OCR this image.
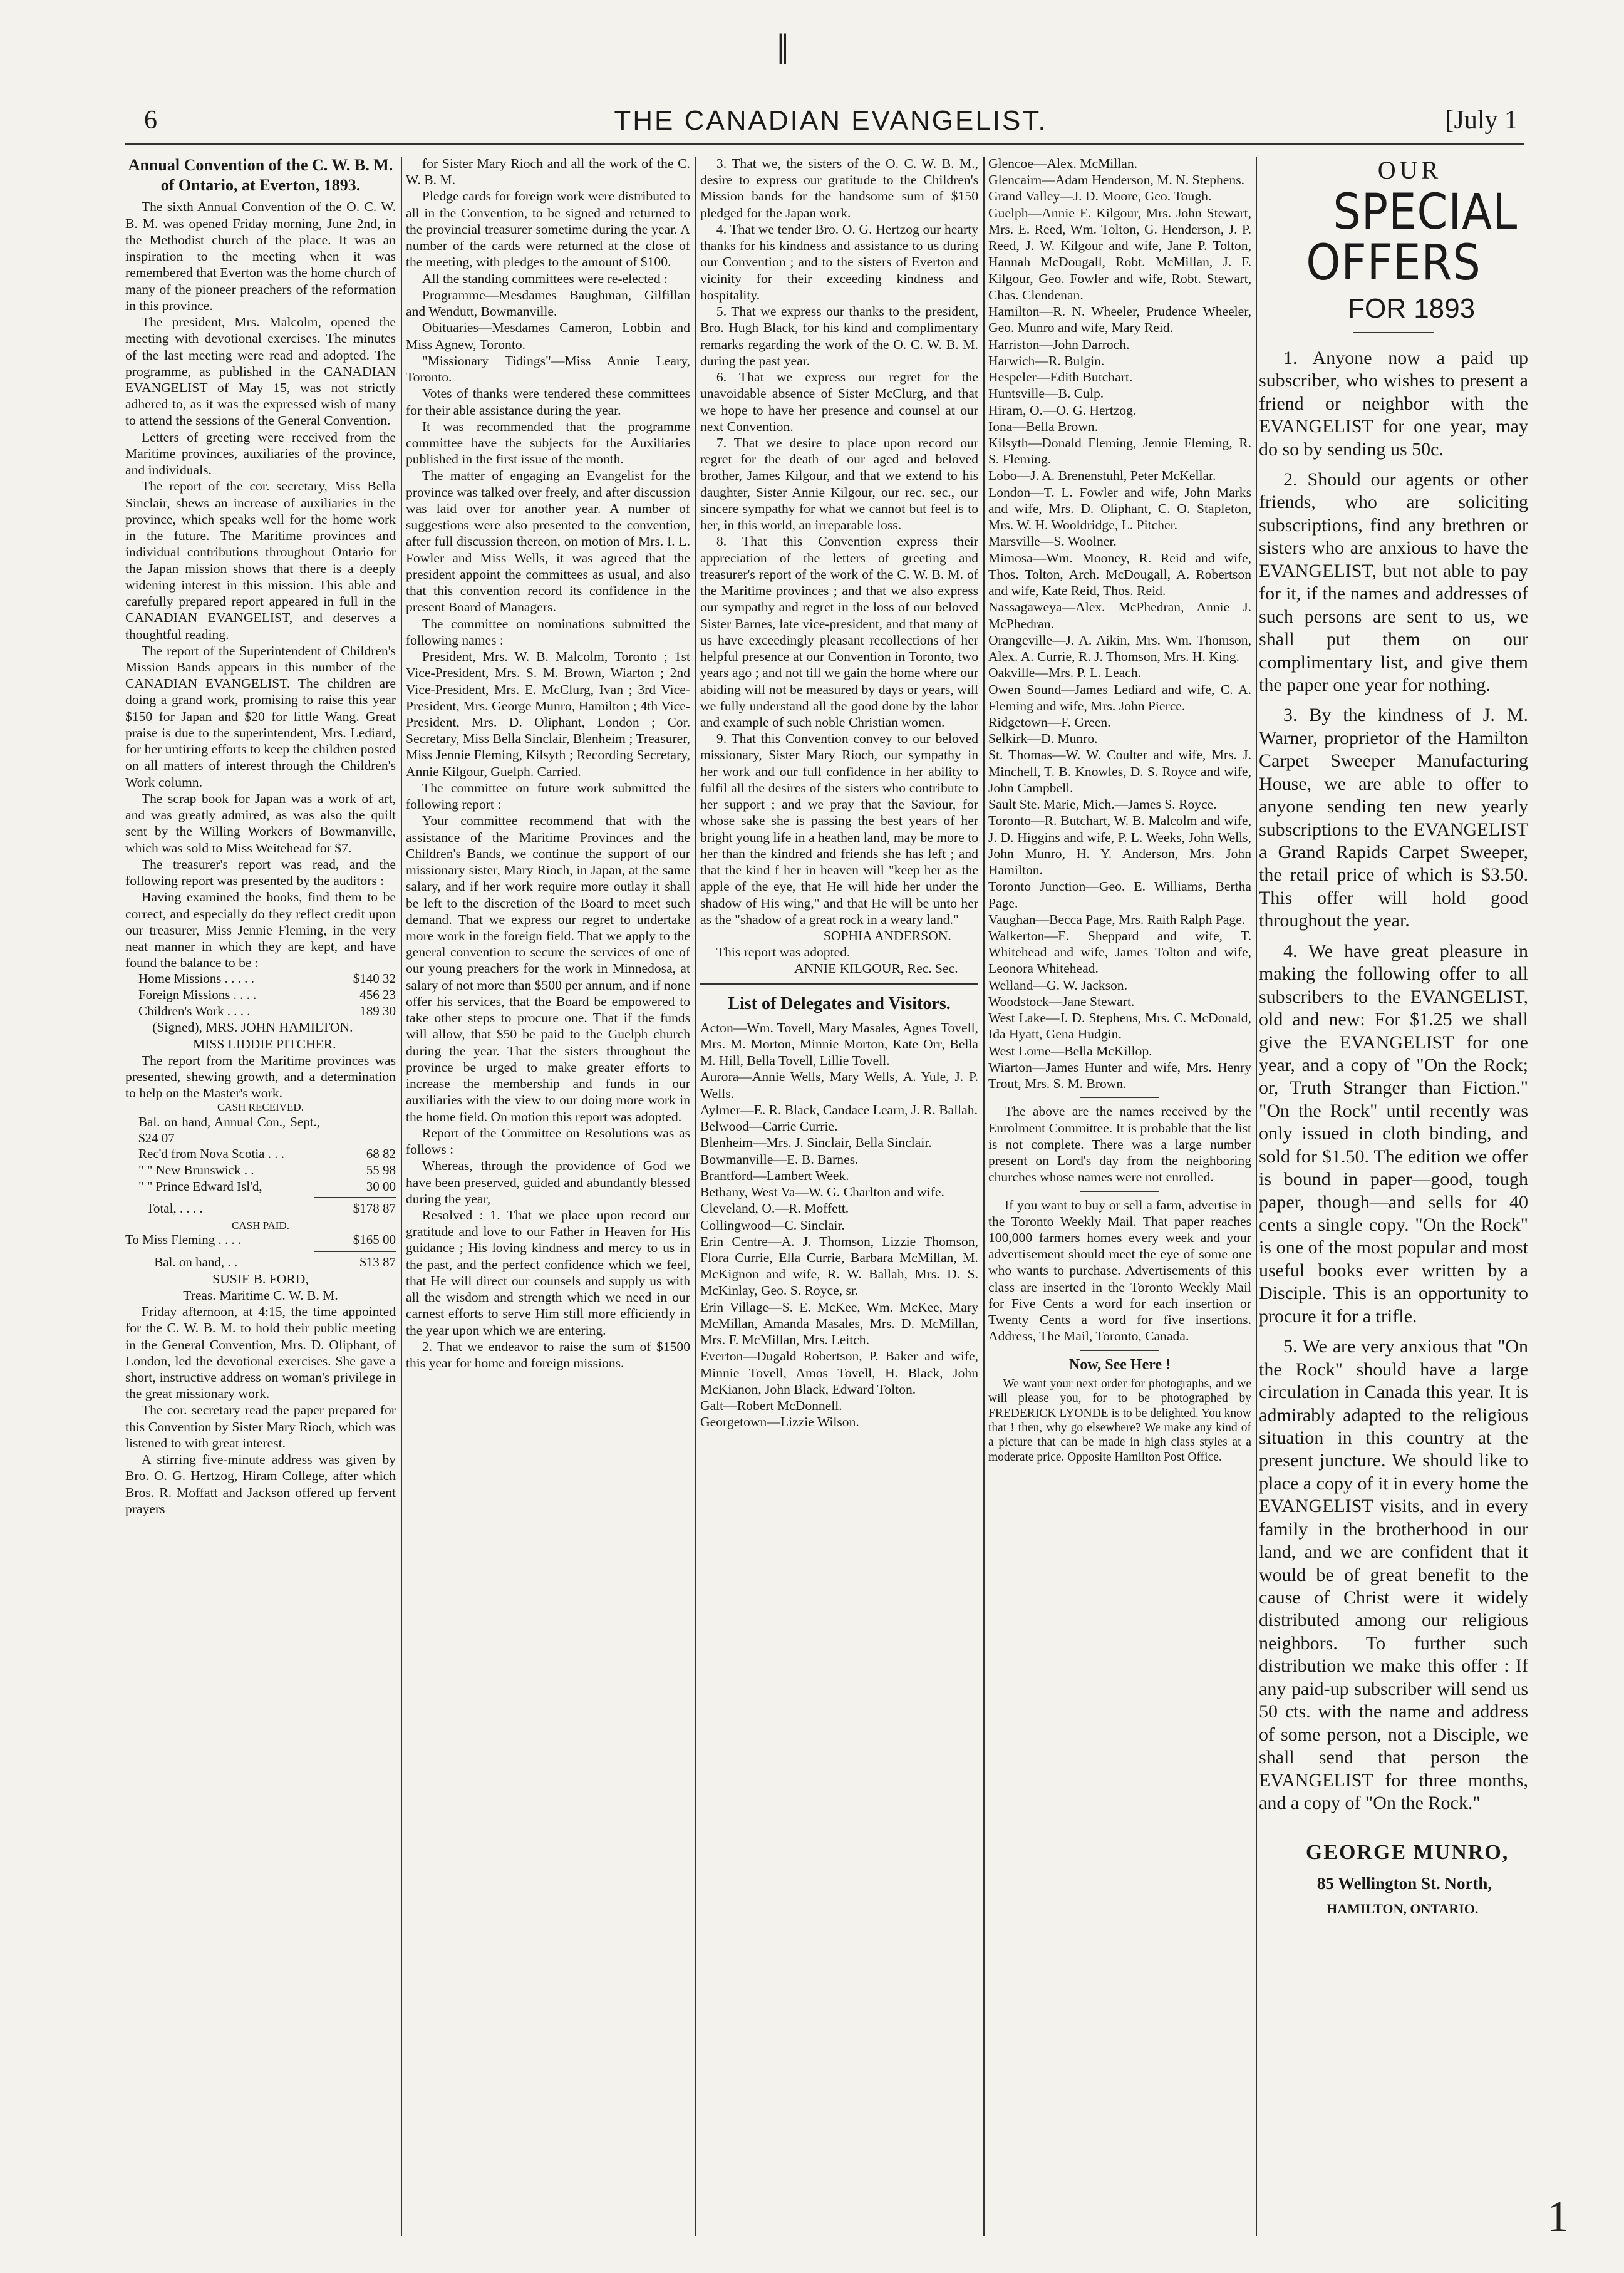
ǁ
1
6	THE CANADIAN EVANGELIST.	[July 1
Annual Convention of the C. W. B. M. of Ontario, at Everton, 1893.

The sixth Annual Convention of the O. C. W. B. M. was opened Friday morning, June 2nd, in the Methodist church of the place. It was an inspiration to the meeting when it was remembered that Everton was the home church of many of the pioneer preachers of the reformation in this province.

The president, Mrs. Malcolm, opened the meeting with devotional exercises. The minutes of the last meeting were read and adopted. The programme, as published in the CANADIAN EVANGELIST of May 15, was not strictly adhered to, as it was the expressed wish of many to attend the sessions of the General Convention.

Letters of greeting were received from the Maritime provinces, auxiliaries of the province, and individuals.

The report of the cor. secretary, Miss Bella Sinclair, shews an increase of auxiliaries in the province, which speaks well for the home work in the future. The Maritime provinces and individual contributions throughout Ontario for the Japan mission shows that there is a deeply widening interest in this mission. This able and carefully prepared report appeared in full in the CANADIAN EVANGELIST, and deserves a thoughtful reading.

The report of the Superintendent of Children's Mission Bands appears in this number of the CANADIAN EVANGELIST. The children are doing a grand work, promising to raise this year $150 for Japan and $20 for little Wang. Great praise is due to the superintendent, Mrs. Lediard, for her untiring efforts to keep the children posted on all matters of interest through the Children's Work column.

The scrap book for Japan was a work of art, and was greatly admired, as was also the quilt sent by the Willing Workers of Bowmanville, which was sold to Miss Weitehead for $7.

The treasurer's report was read, and the following report was presented by the auditors :

Having examined the books, find them to be correct, and especially do they reflect credit upon our treasurer, Miss Jennie Fleming, in the very neat manner in which they are kept, and have found the balance to be :

Home Missions . . . . .	$140 32
Foreign Missions . . . .	456 23
Children's Work . . . .	189 30

(Signed), MRS. JOHN HAMILTON.

MISS LIDDIE PITCHER.

The report from the Maritime provinces was presented, shewing growth, and a determination to help on the Master's work.

CASH RECEIVED.

Bal. on hand, Annual Con., Sept., $24 07	
Rec'd from Nova Scotia . . .	68 82
" " New Brunswick . .	55 98
" " Prince Edward Isl'd,	30 00
Total, . . . .	$178 87

CASH PAID.

To Miss Fleming . . . .	$165 00
Bal. on hand, . .	$13 87

SUSIE B. FORD,

Treas. Maritime C. W. B. M.

Friday afternoon, at 4:15, the time appointed for the C. W. B. M. to hold their public meeting in the General Convention, Mrs. D. Oliphant, of London, led the devotional exercises. She gave a short, instructive address on woman's privilege in the great missionary work.

The cor. secretary read the paper prepared for this Convention by Sister Mary Rioch, which was listened to with great interest.

A stirring five-minute address was given by Bro. O. G. Hertzog, Hiram College, after which Bros. R. Moffatt and Jackson offered up fervent prayers

for Sister Mary Rioch and all the work of the C. W. B. M.

Pledge cards for foreign work were distributed to all in the Convention, to be signed and returned to the provincial treasurer sometime during the year. A number of the cards were returned at the close of the meeting, with pledges to the amount of $100.

All the standing committees were re-elected :

Programme—Mesdames Baughman, Gilfillan and Wendutt, Bowmanville.

Obituaries—Mesdames Cameron, Lobbin and Miss Agnew, Toronto.

"Missionary Tidings"—Miss Annie Leary, Toronto.

Votes of thanks were tendered these committees for their able assistance during the year.

It was recommended that the programme committee have the subjects for the Auxiliaries published in the first issue of the month.

The matter of engaging an Evangelist for the province was talked over freely, and after discussion was laid over for another year. A number of suggestions were also presented to the convention, after full discussion thereon, on motion of Mrs. I. L. Fowler and Miss Wells, it was agreed that the president appoint the committees as usual, and also that this convention record its confidence in the present Board of Managers.

The committee on nominations submitted the following names :

President, Mrs. W. B. Malcolm, Toronto ; 1st Vice-President, Mrs. S. M. Brown, Wiarton ; 2nd Vice-President, Mrs. E. McClurg, Ivan ; 3rd Vice-President, Mrs. George Munro, Hamilton ; 4th Vice-President, Mrs. D. Oliphant, London ; Cor. Secretary, Miss Bella Sinclair, Blenheim ; Treasurer, Miss Jennie Fleming, Kilsyth ; Recording Secretary, Annie Kilgour, Guelph. Carried.

The committee on future work submitted the following report :

Your committee recommend that with the assistance of the Maritime Provinces and the Children's Bands, we continue the support of our missionary sister, Mary Rioch, in Japan, at the same salary, and if her work require more outlay it shall be left to the discretion of the Board to meet such demand. That we express our regret to undertake more work in the foreign field. That we apply to the general convention to secure the services of one of our young preachers for the work in Minnedosa, at salary of not more than $500 per annum, and if none offer his services, that the Board be empowered to take other steps to procure one. That if the funds will allow, that $50 be paid to the Guelph church during the year. That the sisters throughout the province be urged to make greater efforts to increase the membership and funds in our auxiliaries with the view to our doing more work in the home field. On motion this report was adopted.

Report of the Committee on Resolutions was as follows :

Whereas, through the providence of God we have been preserved, guided and abundantly blessed during the year,

Resolved : 1. That we place upon record our gratitude and love to our Father in Heaven for His guidance ; His loving kindness and mercy to us in the past, and the perfect confidence which we feel, that He will direct our counsels and supply us with all the wisdom and strength which we need in our carnest efforts to serve Him still more efficiently in the year upon which we are entering.

2. That we endeavor to raise the sum of $1500 this year for home and foreign missions.

3. That we, the sisters of the O. C. W. B. M., desire to express our gratitude to the Children's Mission bands for the handsome sum of $150 pledged for the Japan work.

4. That we tender Bro. O. G. Hertzog our hearty thanks for his kindness and assistance to us during our Convention ; and to the sisters of Everton and vicinity for their exceeding kindness and hospitality.

5. That we express our thanks to the president, Bro. Hugh Black, for his kind and complimentary remarks regarding the work of the O. C. W. B. M. during the past year.

6. That we express our regret for the unavoidable absence of Sister McClurg, and that we hope to have her presence and counsel at our next Convention.

7. That we desire to place upon record our regret for the death of our aged and beloved brother, James Kilgour, and that we extend to his daughter, Sister Annie Kilgour, our rec. sec., our sincere sympathy for what we cannot but feel is to her, in this world, an irreparable loss.

8. That this Convention express their appreciation of the letters of greeting and treasurer's report of the work of the C. W. B. M. of the Maritime provinces ; and that we also express our sympathy and regret in the loss of our beloved Sister Barnes, late vice-president, and that many of us have exceedingly pleasant recollections of her helpful presence at our Convention in Toronto, two years ago ; and not till we gain the home where our abiding will not be measured by days or years, will we fully understand all the good done by the labor and example of such noble Christian women.

9. That this Convention convey to our beloved missionary, Sister Mary Rioch, our sympathy in her work and our full confidence in her ability to fulfil all the desires of the sisters who contribute to her support ; and we pray that the Saviour, for whose sake she is passing the best years of her bright young life in a heathen land, may be more to her than the kindred and friends she has left ; and that the kind f her in heaven will "keep her as the apple of the eye, that He will hide her under the shadow of His wing," and that He will be unto her as the "shadow of a great rock in a weary land."

SOPHIA ANDERSON.

This report was adopted.

ANNIE KILGOUR, Rec. Sec.

List of Delegates and Visitors.

Acton—Wm. Tovell, Mary Masales, Agnes Tovell, Mrs. M. Morton, Minnie Morton, Kate Orr, Bella M. Hill, Bella Tovell, Lillie Tovell.

Aurora—Annie Wells, Mary Wells, A. Yule, J. P. Wells.

Aylmer—E. R. Black, Candace Learn, J. R. Ballah.

Belwood—Carrie Currie.

Blenheim—Mrs. J. Sinclair, Bella Sinclair.

Bowmanville—E. B. Barnes.

Brantford—Lambert Week.

Bethany, West Va—W. G. Charlton and wife.

Cleveland, O.—R. Moffett.

Collingwood—C. Sinclair.

Erin Centre—A. J. Thomson, Lizzie Thomson, Flora Currie, Ella Currie, Barbara McMillan, M. McKignon and wife, R. W. Ballah, Mrs. D. S. McKinlay, Geo. S. Royce, sr.

Erin Village—S. E. McKee, Wm. McKee, Mary McMillan, Amanda Masales, Mrs. D. McMillan, Mrs. F. McMillan, Mrs. Leitch.

Everton—Dugald Robertson, P. Baker and wife, Minnie Tovell, Amos Tovell, H. Black, John McKianon, John Black, Edward Tolton.

Galt—Robert McDonnell.

Georgetown—Lizzie Wilson.

Glencoe—Alex. McMillan.

Glencairn—Adam Henderson, M. N. Stephens.

Grand Valley—J. D. Moore, Geo. Tough.

Guelph—Annie E. Kilgour, Mrs. John Stewart, Mrs. E. Reed, Wm. Tolton, G. Henderson, J. P. Reed, J. W. Kilgour and wife, Jane P. Tolton, Hannah McDougall, Robt. McMillan, J. F. Kilgour, Geo. Fowler and wife, Robt. Stewart, Chas. Clendenan.

Hamilton—R. N. Wheeler, Prudence Wheeler, Geo. Munro and wife, Mary Reid.

Harriston—John Darroch.

Harwich—R. Bulgin.

Hespeler—Edith Butchart.

Huntsville—B. Culp.

Hiram, O.—O. G. Hertzog.

Iona—Bella Brown.

Kilsyth—Donald Fleming, Jennie Fleming, R. S. Fleming.

Lobo—J. A. Brenenstuhl, Peter McKellar.

London—T. L. Fowler and wife, John Marks and wife, Mrs. D. Oliphant, C. O. Stapleton, Mrs. W. H. Wooldridge, L. Pitcher.

Marsville—S. Woolner.

Mimosa—Wm. Mooney, R. Reid and wife, Thos. Tolton, Arch. McDougall, A. Robertson and wife, Kate Reid, Thos. Reid.

Nassagaweya—Alex. McPhedran, Annie J. McPhedran.

Orangeville—J. A. Aikin, Mrs. Wm. Thomson, Alex. A. Currie, R. J. Thomson, Mrs. H. King.

Oakville—Mrs. P. L. Leach.

Owen Sound—James Lediard and wife, C. A. Fleming and wife, Mrs. John Pierce.

Ridgetown—F. Green.

Selkirk—D. Munro.

St. Thomas—W. W. Coulter and wife, Mrs. J. Minchell, T. B. Knowles, D. S. Royce and wife, John Campbell.

Sault Ste. Marie, Mich.—James S. Royce.

Toronto—R. Butchart, W. B. Malcolm and wife, J. D. Higgins and wife, P. L. Weeks, John Wells, John Munro, H. Y. Anderson, Mrs. John Hamilton.

Toronto Junction—Geo. E. Williams, Bertha Page.

Vaughan—Becca Page, Mrs. Raith Ralph Page.

Walkerton—E. Sheppard and wife, T. Whitehead and wife, James Tolton and wife, Leonora Whitehead.

Welland—G. W. Jackson.

Woodstock—Jane Stewart.

West Lake—J. D. Stephens, Mrs. C. McDonald, Ida Hyatt, Gena Hudgin.

West Lorne—Bella McKillop.

Wiarton—James Hunter and wife, Mrs. Henry Trout, Mrs. S. M. Brown.

The above are the names received by the Enrolment Committee. It is probable that the list is not complete. There was a large number present on Lord's day from the neighboring churches whose names were not enrolled.

If you want to buy or sell a farm, advertise in the Toronto Weekly Mail. That paper reaches 100,000 farmers homes every week and your advertisement should meet the eye of some one who wants to purchase. Advertisements of this class are inserted in the Toronto Weekly Mail for Five Cents a word for each insertion or Twenty Cents a word for five insertions. Address, The Mail, Toronto, Canada.

Now, See Here !

We want your next order for photographs, and we will please you, for to be photographed by FREDERICK LYONDE is to be delighted. You know that ! then, why go elsewhere? We make any kind of a picture that can be made in high class styles at a moderate price. Opposite Hamilton Post Office.

OUR

SPECIAL OFFERS

FOR 1893

1. Anyone now a paid up subscriber, who wishes to present a friend or neighbor with the EVANGELIST for one year, may do so by sending us 50c.

2. Should our agents or other friends, who are soliciting subscriptions, find any brethren or sisters who are anxious to have the EVANGELIST, but not able to pay for it, if the names and addresses of such persons are sent to us, we shall put them on our complimentary list, and give them the paper one year for nothing.

3. By the kindness of J. M. Warner, proprietor of the Hamilton Carpet Sweeper Manufacturing House, we are able to offer to anyone sending ten new yearly subscriptions to the EVANGELIST a Grand Rapids Carpet Sweeper, the retail price of which is $3.50. This offer will hold good throughout the year.

4. We have great pleasure in making the following offer to all subscribers to the EVANGELIST, old and new: For $1.25 we shall give the EVANGELIST for one year, and a copy of "On the Rock; or, Truth Stranger than Fiction." "On the Rock" until recently was only issued in cloth binding, and sold for $1.50. The edition we offer is bound in paper—good, tough paper, though—and sells for 40 cents a single copy. "On the Rock" is one of the most popular and most useful books ever written by a Disciple. This is an opportunity to procure it for a trifle.

5. We are very anxious that "On the Rock" should have a large circulation in Canada this year. It is admirably adapted to the religious situation in this country at the present juncture. We should like to place a copy of it in every home the EVANGELIST visits, and in every family in the brotherhood in our land, and we are confident that it would be of great benefit to the cause of Christ were it widely distributed among our religious neighbors. To further such distribution we make this offer : If any paid-up subscriber will send us 50 cts. with the name and address of some person, not a Disciple, we shall send that person the EVANGELIST for three months, and a copy of "On the Rock."

GEORGE MUNRO,

85 Wellington St. North,

HAMILTON, ONTARIO.
